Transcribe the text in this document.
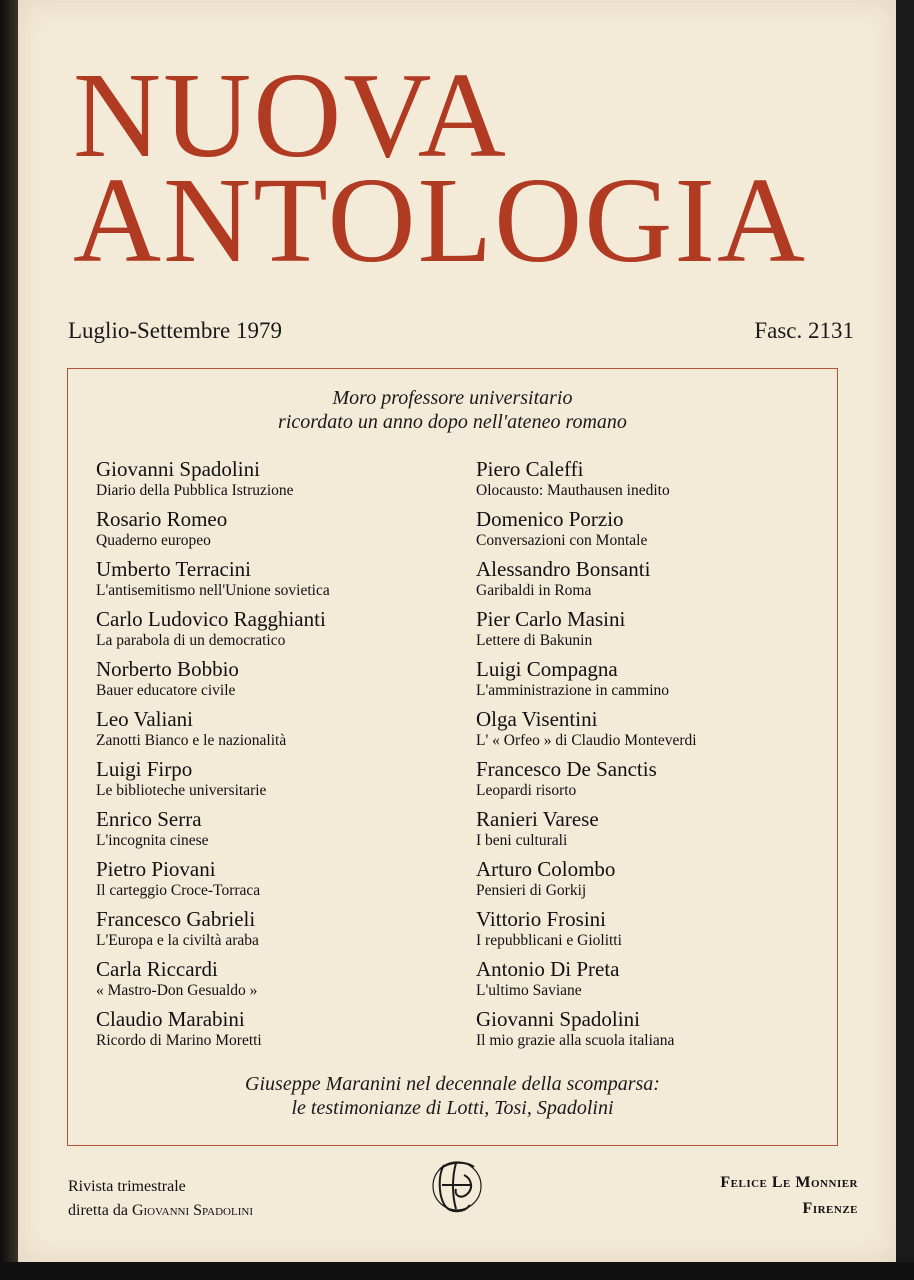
NUOVA
ANTOLOGIA
Luglio-Settembre 1979	Fasc. 2131
Moro professore universitario
ricordato un anno dopo nell'ateneo romano
Giovanni Spadolini
Diario della Pubblica Istruzione
Rosario Romeo
Quaderno europeo
Umberto Terracini
L'antisemitismo nell'Unione sovietica
Carlo Ludovico Ragghianti
La parabola di un democratico
Norberto Bobbio
Bauer educatore civile
Leo Valiani
Zanotti Bianco e le nazionalità
Luigi Firpo
Le biblioteche universitarie
Enrico Serra
L'incognita cinese
Pietro Piovani
Il carteggio Croce-Torraca
Francesco Gabrieli
L'Europa e la civiltà araba
Carla Riccardi
« Mastro-Don Gesualdo »
Claudio Marabini
Ricordo di Marino Moretti
Piero Caleffi
Olocausto: Mauthausen inedito
Domenico Porzio
Conversazioni con Montale
Alessandro Bonsanti
Garibaldi in Roma
Pier Carlo Masini
Lettere di Bakunin
Luigi Compagna
L'amministrazione in cammino
Olga Visentini
L' « Orfeo » di Claudio Monteverdi
Francesco De Sanctis
Leopardi risorto
Ranieri Varese
I beni culturali
Arturo Colombo
Pensieri di Gorkij
Vittorio Frosini
I repubblicani e Giolitti
Antonio Di Preta
L'ultimo Saviane
Giovanni Spadolini
Il mio grazie alla scuola italiana
Giuseppe Maranini nel decennale della scomparsa:
le testimonianze di Lotti, Tosi, Spadolini
Rivista trimestrale
diretta da Giovanni Spadolini
Felice Le Monnier
Firenze
